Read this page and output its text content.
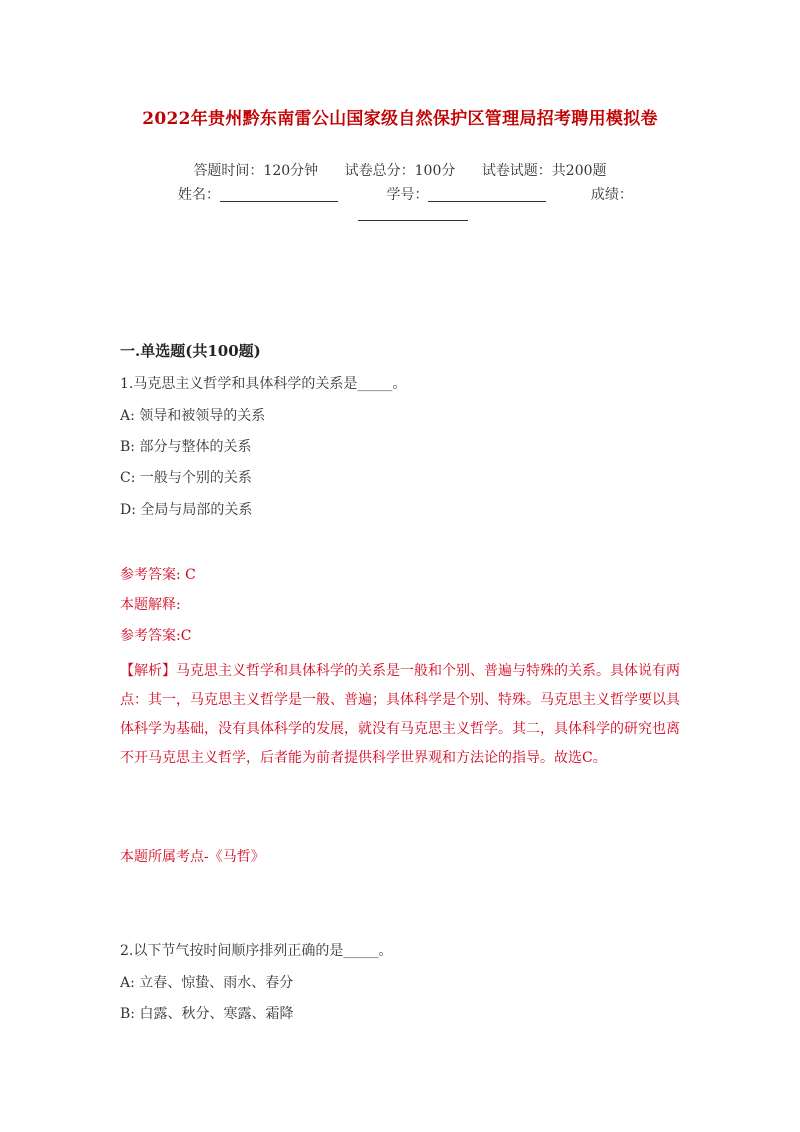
2022年贵州黔东南雷公山国家级自然保护区管理局招考聘用模拟卷
答题时间：120分钟 试卷总分：100分 试卷试题：共200题
姓名：	学号：	成绩：
一.单选题(共100题)
1.马克思主义哲学和具体科学的关系是_____。
A: 领导和被领导的关系
B: 部分与整体的关系
C: 一般与个别的关系
D: 全局与局部的关系
参考答案: C
本题解释:
参考答案:C
【解析】马克思主义哲学和具体科学的关系是一般和个别、普遍与特殊的关系。具体说有两点：其一，马克思主义哲学是一般、普遍；具体科学是个别、特殊。马克思主义哲学要以具体科学为基础，没有具体科学的发展，就没有马克思主义哲学。其二，具体科学的研究也离不开马克思主义哲学，后者能为前者提供科学世界观和方法论的指导。故选C。
本题所属考点-《马哲》
2.以下节气按时间顺序排列正确的是_____。
A: 立春、惊蛰、雨水、春分
B: 白露、秋分、寒露、霜降
